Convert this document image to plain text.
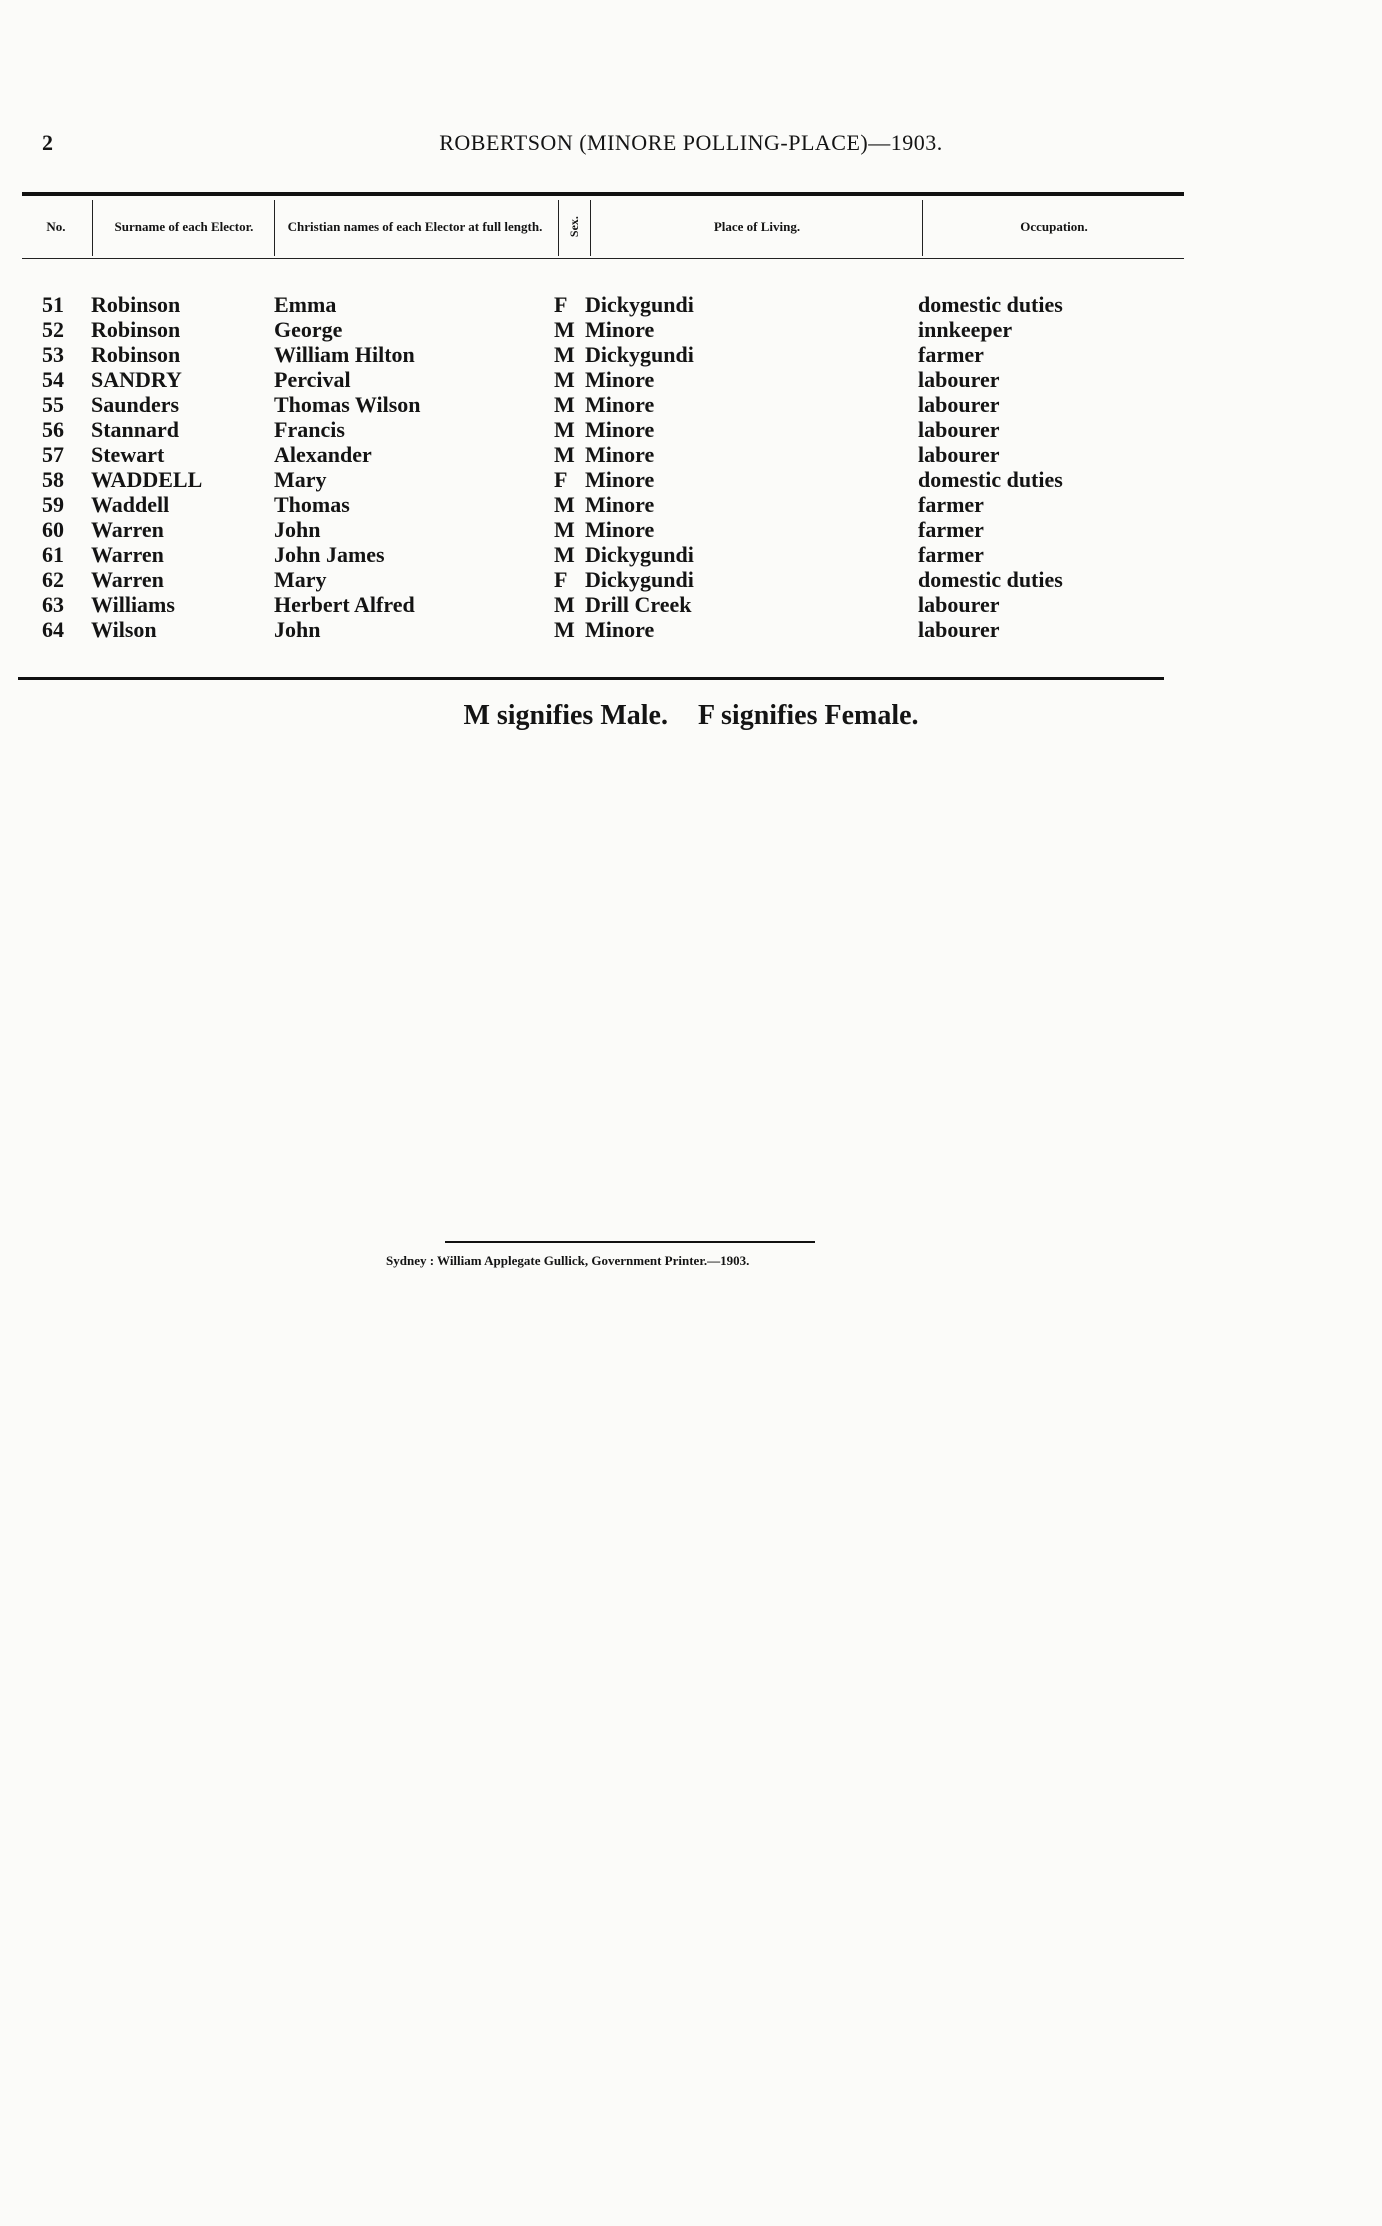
2	ROBERTSON (MINORE POLLING-PLACE)—1903.
No.	Surname of each Elector.	Christian names of each Elector at full length.	Sex.	Place of Living.	Occupation.
51 Robinson	Emma	F Dickygundi	domestic duties
52 Robinson	George	M Minore	innkeeper
53 Robinson	William Hilton	M Dickygundi	farmer
54 SANDRY	Percival	M Minore	labourer
55 Saunders	Thomas Wilson	M Minore	labourer
56 Stannard	Francis	M Minore	labourer
57 Stewart	Alexander	M Minore	labourer
58 WADDELL	Mary	F Minore	domestic duties
59 Waddell	Thomas	M Minore	farmer
60 Warren	John	M Minore	farmer
61 Warren	John James	M Dickygundi	farmer
62 Warren	Mary	F Dickygundi	domestic duties
63 Williams	Herbert Alfred	M Drill Creek	labourer
64 Wilson	John	M Minore	labourer
M signifies Male. F signifies Female.
Sydney : William Applegate Gullick, Government Printer.—1903.
